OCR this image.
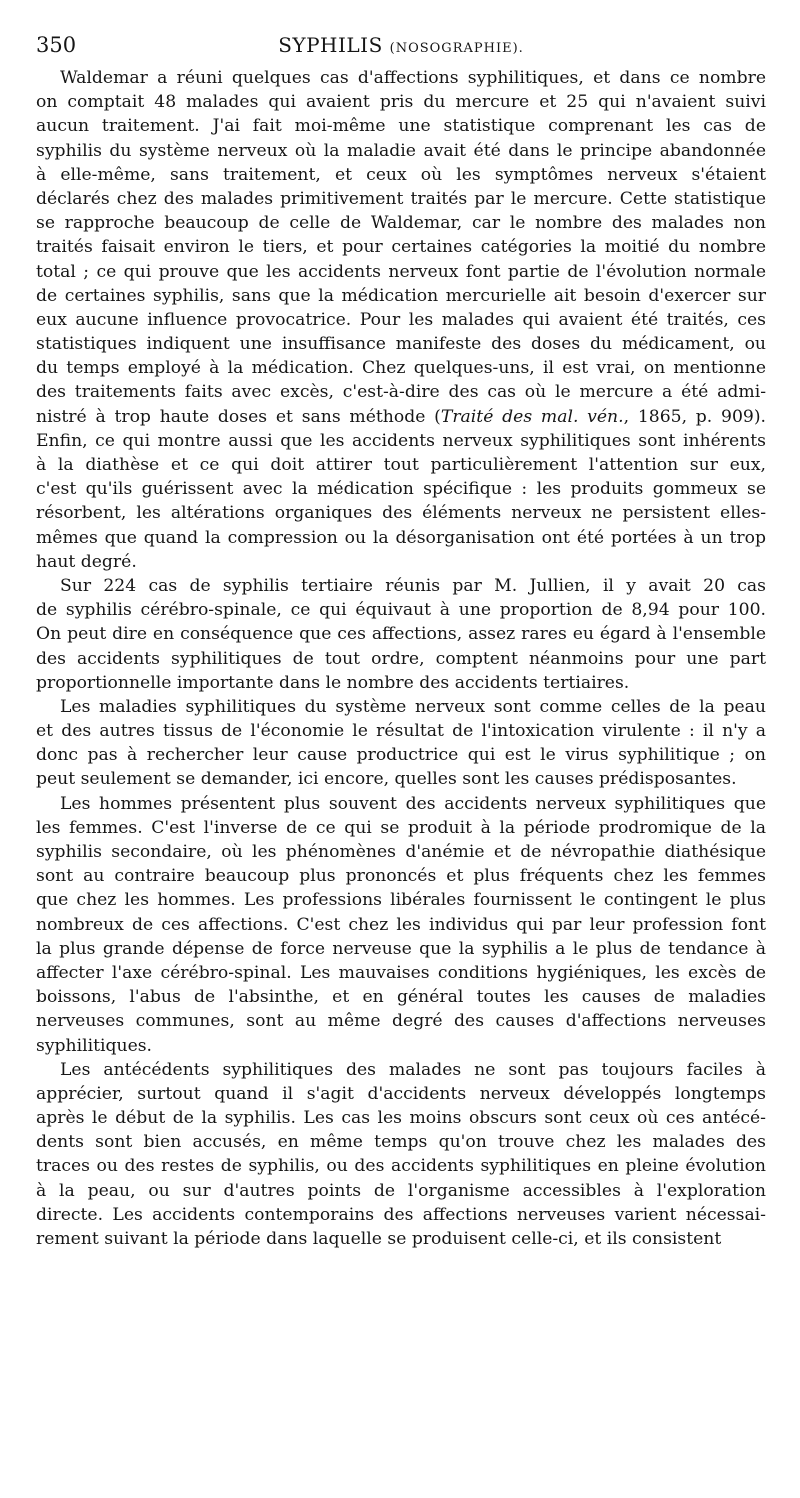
350	SYPHILIS (NOSOGRAPHIE).
Waldemar a réuni quelques cas d'affections syphilitiques, et dans ce nombre
on comptait 48 malades qui avaient pris du mercure et 25 qui n'avaient suivi
aucun traitement. J'ai fait moi-même une statistique comprenant les cas de
syphilis du système nerveux où la maladie avait été dans le principe abandonnée
à elle-même, sans traitement, et ceux où les symptômes nerveux s'étaient
déclarés chez des malades primitivement traités par le mercure. Cette statistique
se rapproche beaucoup de celle de Waldemar, car le nombre des malades non
traités faisait environ le tiers, et pour certaines catégories la moitié du nombre
total ; ce qui prouve que les accidents nerveux font partie de l'évolution normale
de certaines syphilis, sans que la médication mercurielle ait besoin d'exercer sur
eux aucune influence provocatrice. Pour les malades qui avaient été traités, ces
statistiques indiquent une insuffisance manifeste des doses du médicament, ou
du temps employé à la médication. Chez quelques-uns, il est vrai, on mentionne
des traitements faits avec excès, c'est-à-dire des cas où le mercure a été admi-
nistré à trop haute doses et sans méthode (Traité des mal. vén., 1865, p. 909).
Enfin, ce qui montre aussi que les accidents nerveux syphilitiques sont inhérents
à la diathèse et ce qui doit attirer tout particulièrement l'attention sur eux,
c'est qu'ils guérissent avec la médication spécifique : les produits gommeux se
résorbent, les altérations organiques des éléments nerveux ne persistent elles-
mêmes que quand la compression ou la désorganisation ont été portées à un trop
haut degré.
Sur 224 cas de syphilis tertiaire réunis par M. Jullien, il y avait 20 cas
de syphilis cérébro-spinale, ce qui équivaut à une proportion de 8,94 pour 100.
On peut dire en conséquence que ces affections, assez rares eu égard à l'ensemble
des accidents syphilitiques de tout ordre, comptent néanmoins pour une part
proportionnelle importante dans le nombre des accidents tertiaires.
Les maladies syphilitiques du système nerveux sont comme celles de la peau
et des autres tissus de l'économie le résultat de l'intoxication virulente : il n'y a
donc pas à rechercher leur cause productrice qui est le virus syphilitique ; on
peut seulement se demander, ici encore, quelles sont les causes prédisposantes.
Les hommes présentent plus souvent des accidents nerveux syphilitiques que
les femmes. C'est l'inverse de ce qui se produit à la période prodromique de la
syphilis secondaire, où les phénomènes d'anémie et de névropathie diathésique
sont au contraire beaucoup plus prononcés et plus fréquents chez les femmes
que chez les hommes. Les professions libérales fournissent le contingent le plus
nombreux de ces affections. C'est chez les individus qui par leur profession font
la plus grande dépense de force nerveuse que la syphilis a le plus de tendance à
affecter l'axe cérébro-spinal. Les mauvaises conditions hygiéniques, les excès de
boissons, l'abus de l'absinthe, et en général toutes les causes de maladies
nerveuses communes, sont au même degré des causes d'affections nerveuses
syphilitiques.
Les antécédents syphilitiques des malades ne sont pas toujours faciles à
apprécier, surtout quand il s'agit d'accidents nerveux développés longtemps
après le début de la syphilis. Les cas les moins obscurs sont ceux où ces antécé-
dents sont bien accusés, en même temps qu'on trouve chez les malades des
traces ou des restes de syphilis, ou des accidents syphilitiques en pleine évolution
à la peau, ou sur d'autres points de l'organisme accessibles à l'exploration
directe. Les accidents contemporains des affections nerveuses varient nécessai-
rement suivant la période dans laquelle se produisent celle-ci, et ils consistent
